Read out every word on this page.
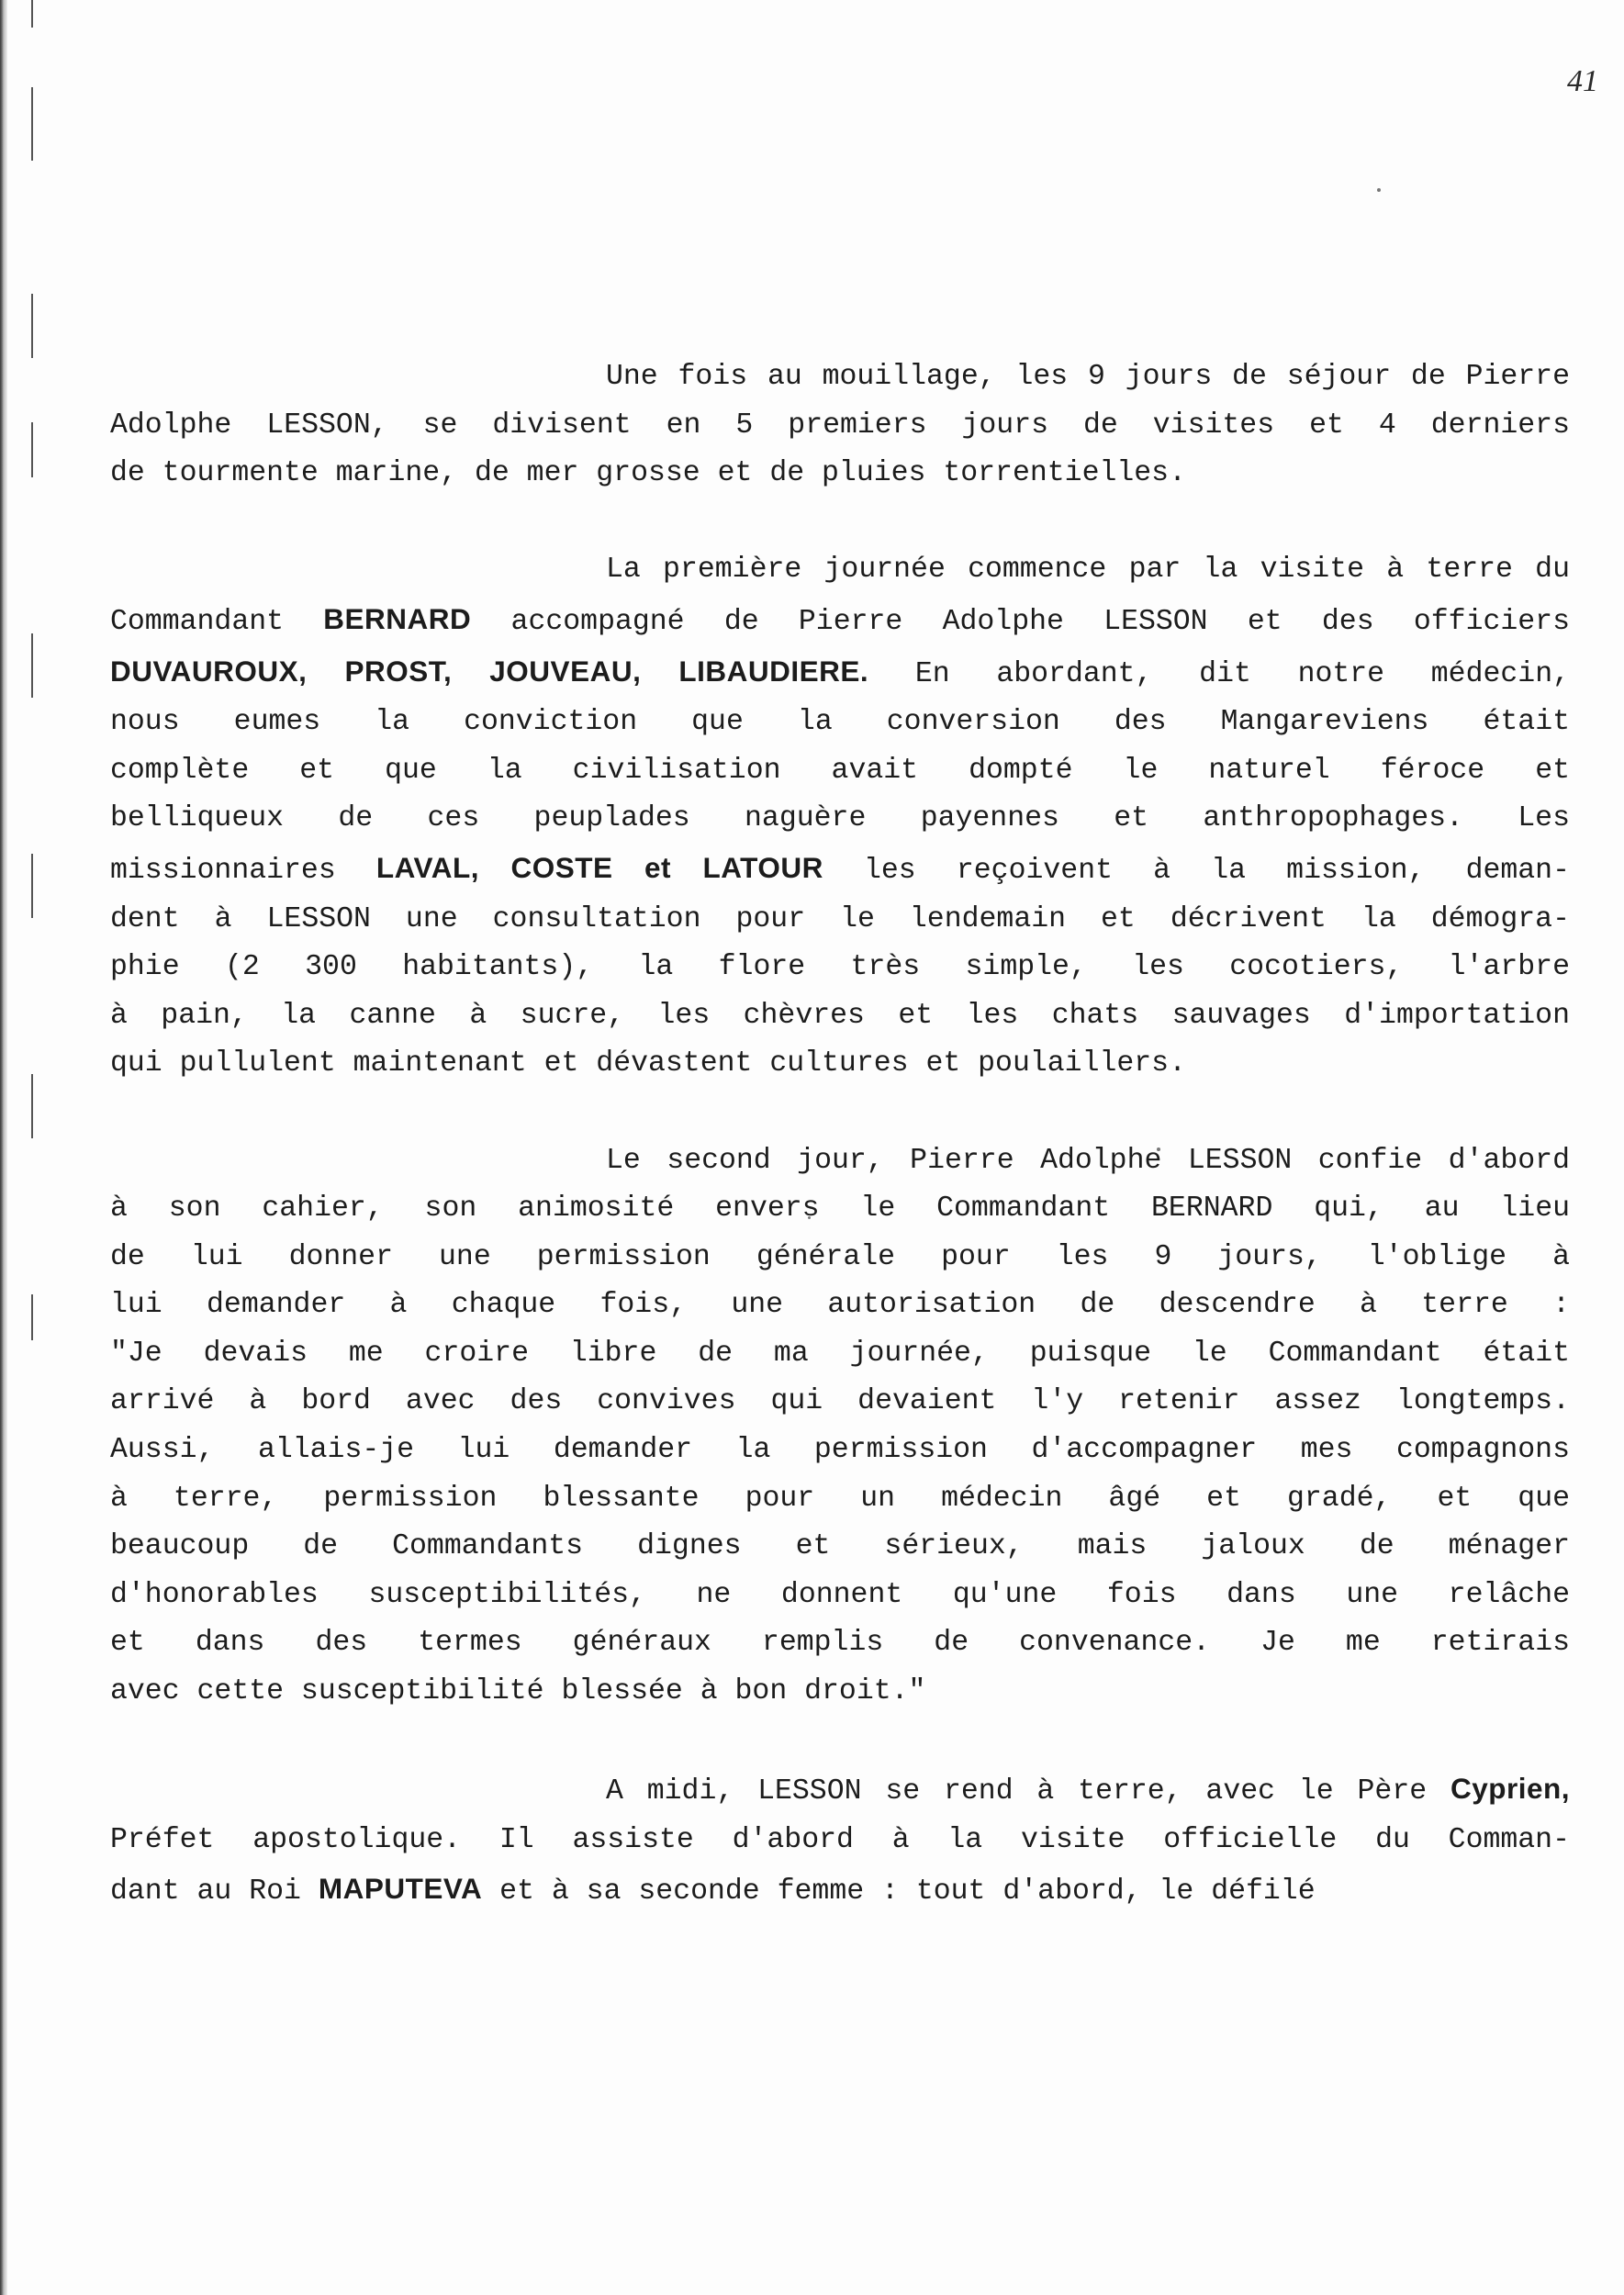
41

Une fois au mouillage, les 9 jours de séjour de Pierre
Adolphe LESSON, se divisent en 5 premiers jours de visites et 4 derniers
de tourmente marine, de mer grosse et de pluies torrentielles.

La première journée commence par la visite à terre du
Commandant BERNARD accompagné de Pierre Adolphe LESSON et des officiers
DUVAUROUX, PROST, JOUVEAU, LIBAUDIERE. En abordant, dit notre médecin,
nous eumes la conviction que la conversion des Mangareviens était
complète et que la civilisation avait dompté le naturel féroce et
belliqueux de ces peuplades naguère payennes et anthropophages. Les
missionnaires LAVAL, COSTE et LATOUR les reçoivent à la mission, deman-
dent à LESSON une consultation pour le lendemain et décrivent la démogra-
phie (2 300 habitants), la flore très simple, les cocotiers, l'arbre
à pain, la canne à sucre, les chèvres et les chats sauvages d'importation
qui pullulent maintenant et dévastent cultures et poulaillers.

Le second jour, Pierre Adolphe LESSON confie d'abord
à son cahier, son animosité envers le Commandant BERNARD qui, au lieu
de lui donner une permission générale pour les 9 jours, l'oblige à
lui demander à chaque fois, une autorisation de descendre à terre :
"Je devais me croire libre de ma journée, puisque le Commandant était
arrivé à bord avec des convives qui devaient l'y retenir assez longtemps.
Aussi, allais-je lui demander la permission d'accompagner mes compagnons
à terre, permission blessante pour un médecin âgé et gradé, et que
beaucoup de Commandants dignes et sérieux, mais jaloux de ménager
d'honorables susceptibilités, ne donnent qu'une fois dans une relâche
et dans des termes généraux remplis de convenance. Je me retirais
avec cette susceptibilité blessée à bon droit."

A midi, LESSON se rend à terre, avec le Père Cyprien,
Préfet apostolique. Il assiste d'abord à la visite officielle du Comman-
dant au Roi MAPUTEVA et à sa seconde femme : tout d'abord, le défilé
